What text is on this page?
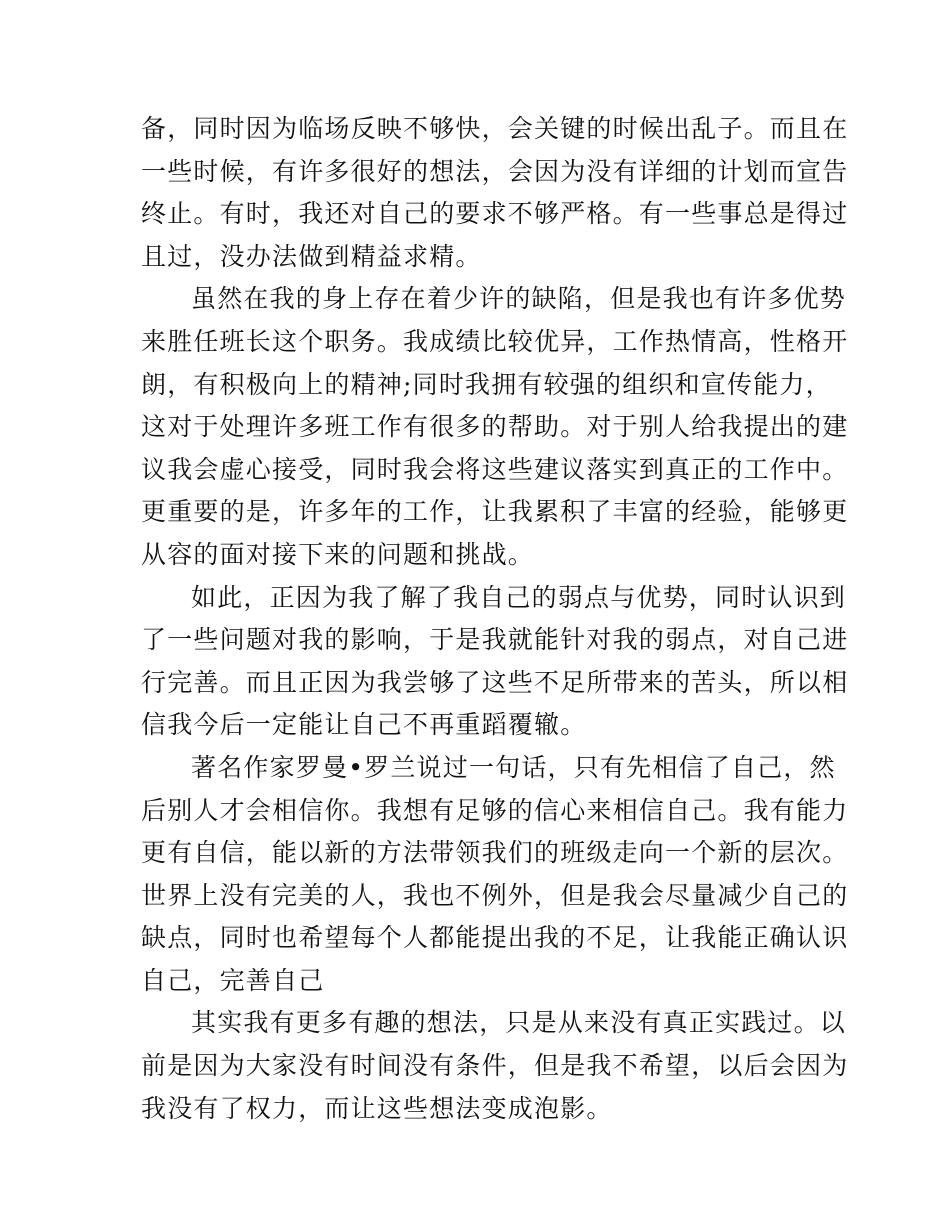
备，同时因为临场反映不够快，会关键的时候出乱子。而且在
一些时候，有许多很好的想法，会因为没有详细的计划而宣告
终止。有时，我还对自己的要求不够严格。有一些事总是得过
且过，没办法做到精益求精。
虽然在我的身上存在着少许的缺陷，但是我也有许多优势
来胜任班长这个职务。我成绩比较优异，工作热情高，性格开
朗，有积极向上的精神;同时我拥有较强的组织和宣传能力，
这对于处理许多班工作有很多的帮助。对于别人给我提出的建
议我会虚心接受，同时我会将这些建议落实到真正的工作中。
更重要的是，许多年的工作，让我累积了丰富的经验，能够更
从容的面对接下来的问题和挑战。
如此，正因为我了解了我自己的弱点与优势，同时认识到
了一些问题对我的影响，于是我就能针对我的弱点，对自己进
行完善。而且正因为我尝够了这些不足所带来的苦头，所以相
信我今后一定能让自己不再重蹈覆辙。
著名作家罗曼•罗兰说过一句话，只有先相信了自己，然
后别人才会相信你。我想有足够的信心来相信自己。我有能力
更有自信，能以新的方法带领我们的班级走向一个新的层次。
世界上没有完美的人，我也不例外，但是我会尽量减少自己的
缺点，同时也希望每个人都能提出我的不足，让我能正确认识
自己，完善自己
其实我有更多有趣的想法，只是从来没有真正实践过。以
前是因为大家没有时间没有条件，但是我不希望，以后会因为
我没有了权力，而让这些想法变成泡影。
